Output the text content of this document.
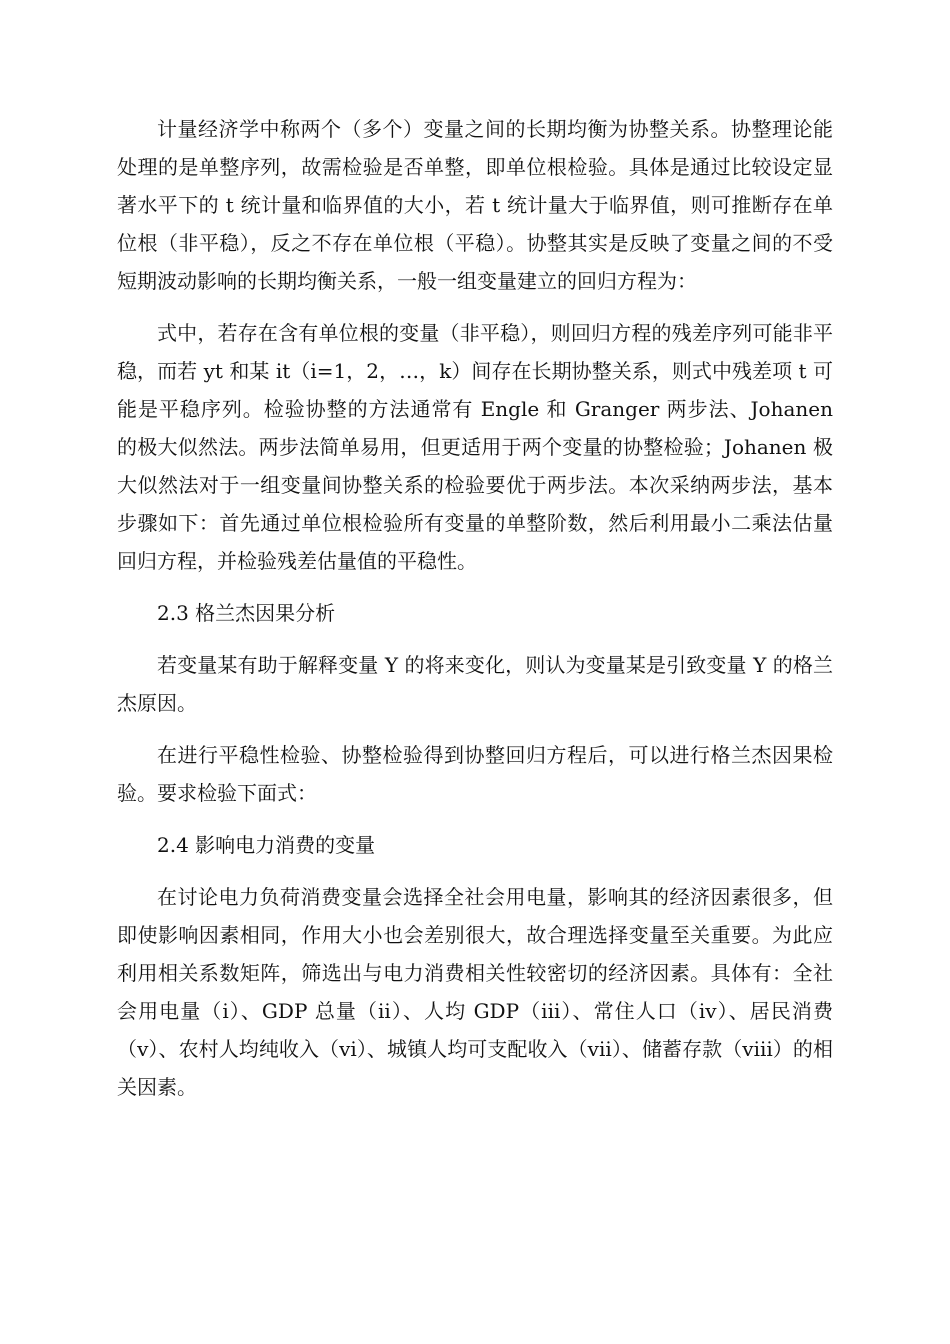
计量经济学中称两个（多个）变量之间的长期均衡为协整关系。协整理论能处理的是单整序列，故需检验是否单整，即单位根检验。具体是通过比较设定显著水平下的 t 统计量和临界值的大小，若 t 统计量大于临界值，则可推断存在单位根（非平稳），反之不存在单位根（平稳）。协整其实是反映了变量之间的不受短期波动影响的长期均衡关系，一般一组变量建立的回归方程为：

式中，若存在含有单位根的变量（非平稳），则回归方程的残差序列可能非平稳，而若 yt 和某 it（i=1，2，…，k）间存在长期协整关系，则式中残差项 t 可能是平稳序列。检验协整的方法通常有 Engle 和 Granger 两步法、Johanen 的极大似然法。两步法简单易用，但更适用于两个变量的协整检验；Johanen 极大似然法对于一组变量间协整关系的检验要优于两步法。本次采纳两步法，基本步骤如下：首先通过单位根检验所有变量的单整阶数，然后利用最小二乘法估量回归方程，并检验残差估量值的平稳性。

2.3 格兰杰因果分析

若变量某有助于解释变量 Y 的将来变化，则认为变量某是引致变量 Y 的格兰杰原因。

在进行平稳性检验、协整检验得到协整回归方程后，可以进行格兰杰因果检验。要求检验下面式：

2.4 影响电力消费的变量

在讨论电力负荷消费变量会选择全社会用电量，影响其的经济因素很多，但即使影响因素相同，作用大小也会差别很大，故合理选择变量至关重要。为此应利用相关系数矩阵，筛选出与电力消费相关性较密切的经济因素。具体有：全社会用电量（i）、GDP 总量（ii）、人均 GDP（iii）、常住人口（iv）、居民消费（v）、农村人均纯收入（vi）、城镇人均可支配收入（vii）、储蓄存款（viii）的相关因素。
